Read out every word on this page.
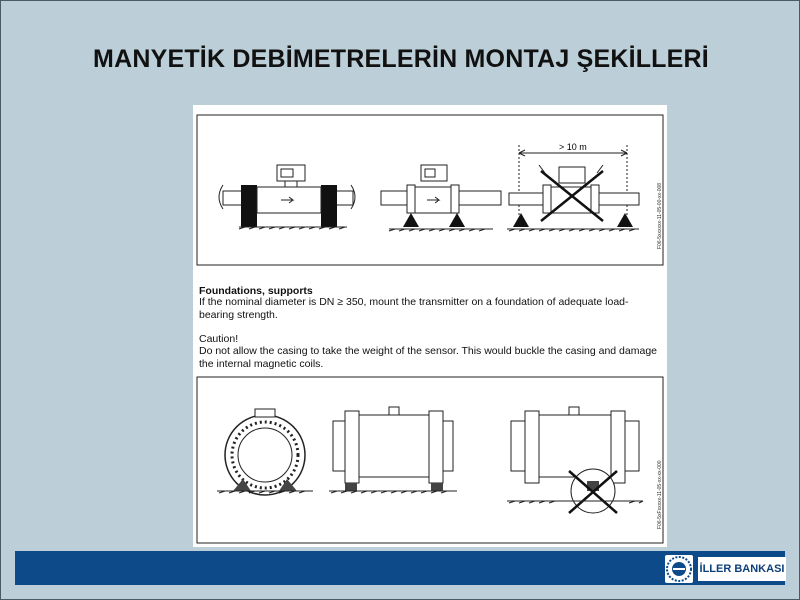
MANYETİK DEBİMETRELERİN MONTAJ ŞEKİLLERİ
> 10 m
F06-5xxxxxx-11-05-00-xx-008
F06-5xFxxxxx-11-05-xx-xx-000
Foundations, supports
If the nominal diameter is DN ≥ 350, mount the transmitter on a foundation of adequate load-bearing strength.
Caution!
Do not allow the casing to take the weight of the sensor. This would buckle the casing and damage the internal magnetic coils.
İLLER BANKASI
